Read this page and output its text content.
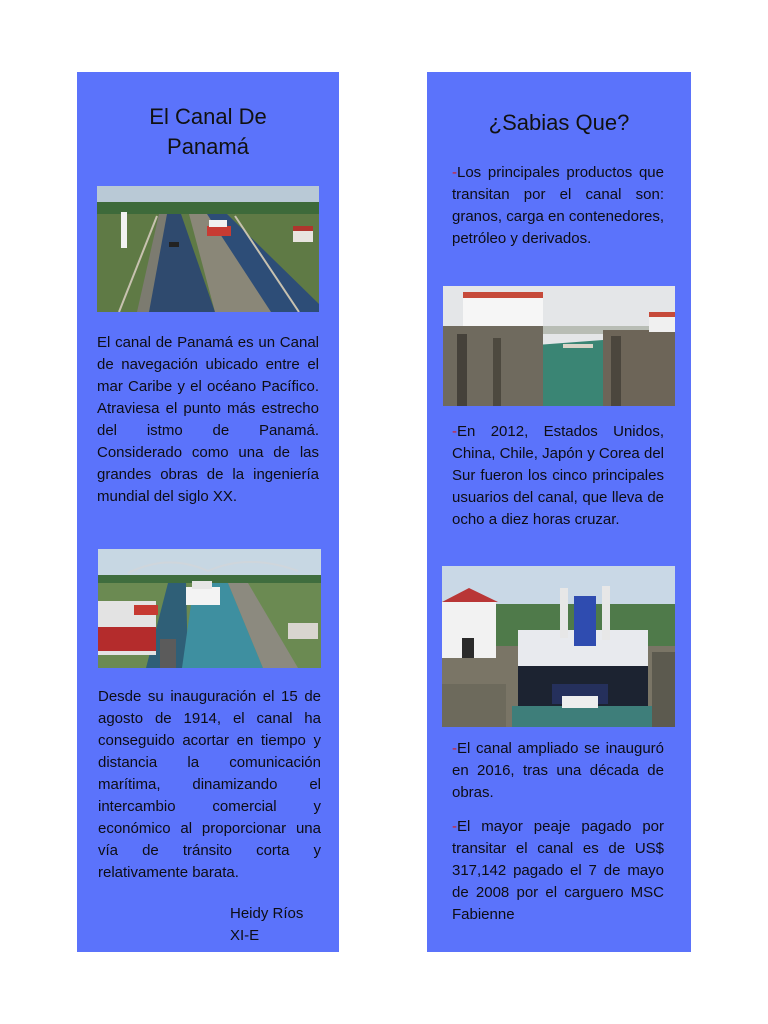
El Canal De
Panamá

El canal de Panamá es un Canal de navegación ubicado entre el mar Caribe y el océano Pacífico. Atraviesa el punto más estrecho del istmo de Panamá. Considerado como una de las grandes obras de la ingeniería mundial del siglo XX.

Desde su inauguración el 15 de agosto de 1914, el canal ha conseguido acortar en tiempo y distancia la comunicación marítima, dinamizando el intercambio comercial y económico al proporcionar una vía de tránsito corta y relativamente barata.

Heidy Ríos
XI-E
¿Sabias Que?

-Los principales productos que transitan por el canal son: granos, carga en contenedores, petróleo y derivados.

-En 2012, Estados Unidos, China, Chile, Japón y Corea del Sur fueron los cinco principales usuarios del canal, que lleva de ocho a diez horas cruzar.

-El canal ampliado se inauguró en 2016, tras una década de obras.

-El mayor peaje pagado por transitar el canal es de US$ 317,142 pagado el 7 de mayo de 2008 por el carguero MSC Fabienne
